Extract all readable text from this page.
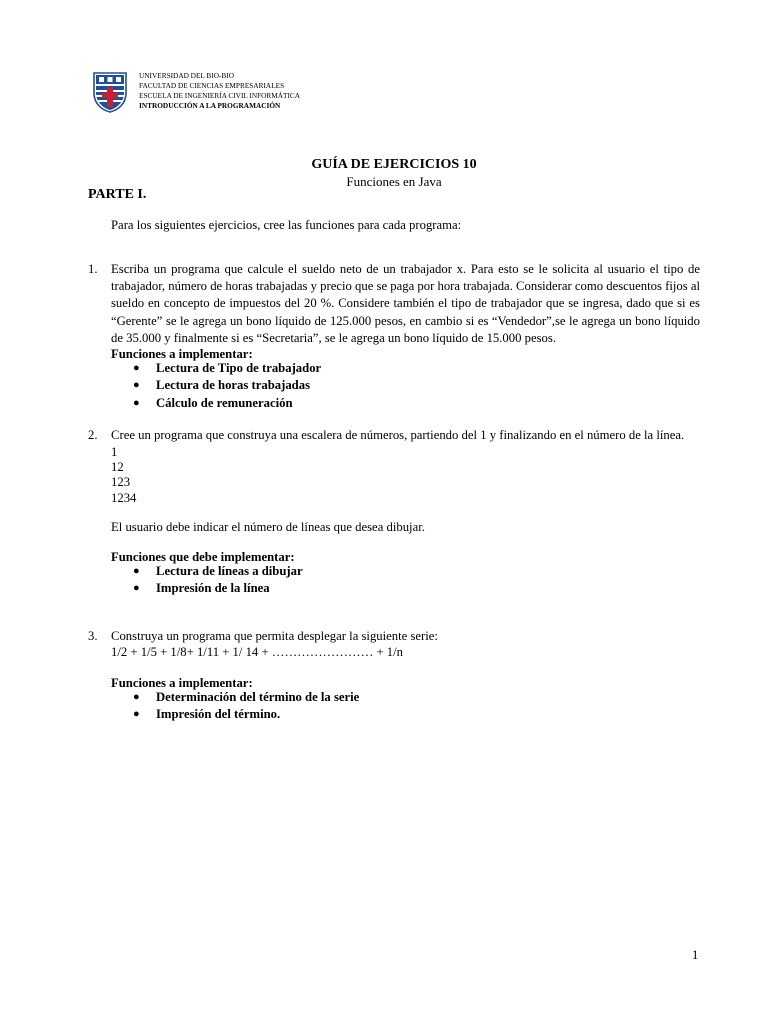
UNIVERSIDAD DEL BIO-BIO
FACULTAD DE CIENCIAS EMPRESARIALES
ESCUELA DE INGENIERÍA CIVIL INFORMÁTICA
INTRODUCCIÓN A LA PROGRAMACIÓN
GUÍA DE EJERCICIOS 10
Funciones en Java
PARTE I.
Para los siguientes ejercicios, cree las funciones para cada programa:
1. Escriba un programa que calcule el sueldo neto de un trabajador x. Para esto se le solicita al usuario el tipo de
trabajador, número de horas trabajadas y precio que se paga por hora trabajada. Considerar como descuentos fijos al
sueldo en concepto de impuestos del 20 %. Considere también el tipo de trabajador que se ingresa, dado que si es
“Gerente” se le agrega un bono líquido de 125.000 pesos, en cambio si es “Vendedor”,se le agrega un bono líquido
de 35.000 y finalmente si es “Secretaria”, se le agrega un bono líquido de 15.000 pesos.
Funciones a implementar:
● Lectura de Tipo de trabajador
● Lectura de horas trabajadas
● Cálculo de remuneración
2. Cree un programa que construya una escalera de números, partiendo del 1 y finalizando en el número de la línea.
1
12
123
1234
El usuario debe indicar el número de líneas que desea dibujar.
Funciones que debe implementar:
● Lectura de líneas a dibujar
● Impresión de la línea
3. Construya un programa que permita desplegar la siguiente serie:
1/2 + 1/5 + 1/8+ 1/11 + 1/ 14 + …………………… + 1/n
Funciones a implementar:
● Determinación del término de la serie
● Impresión del término.
1
